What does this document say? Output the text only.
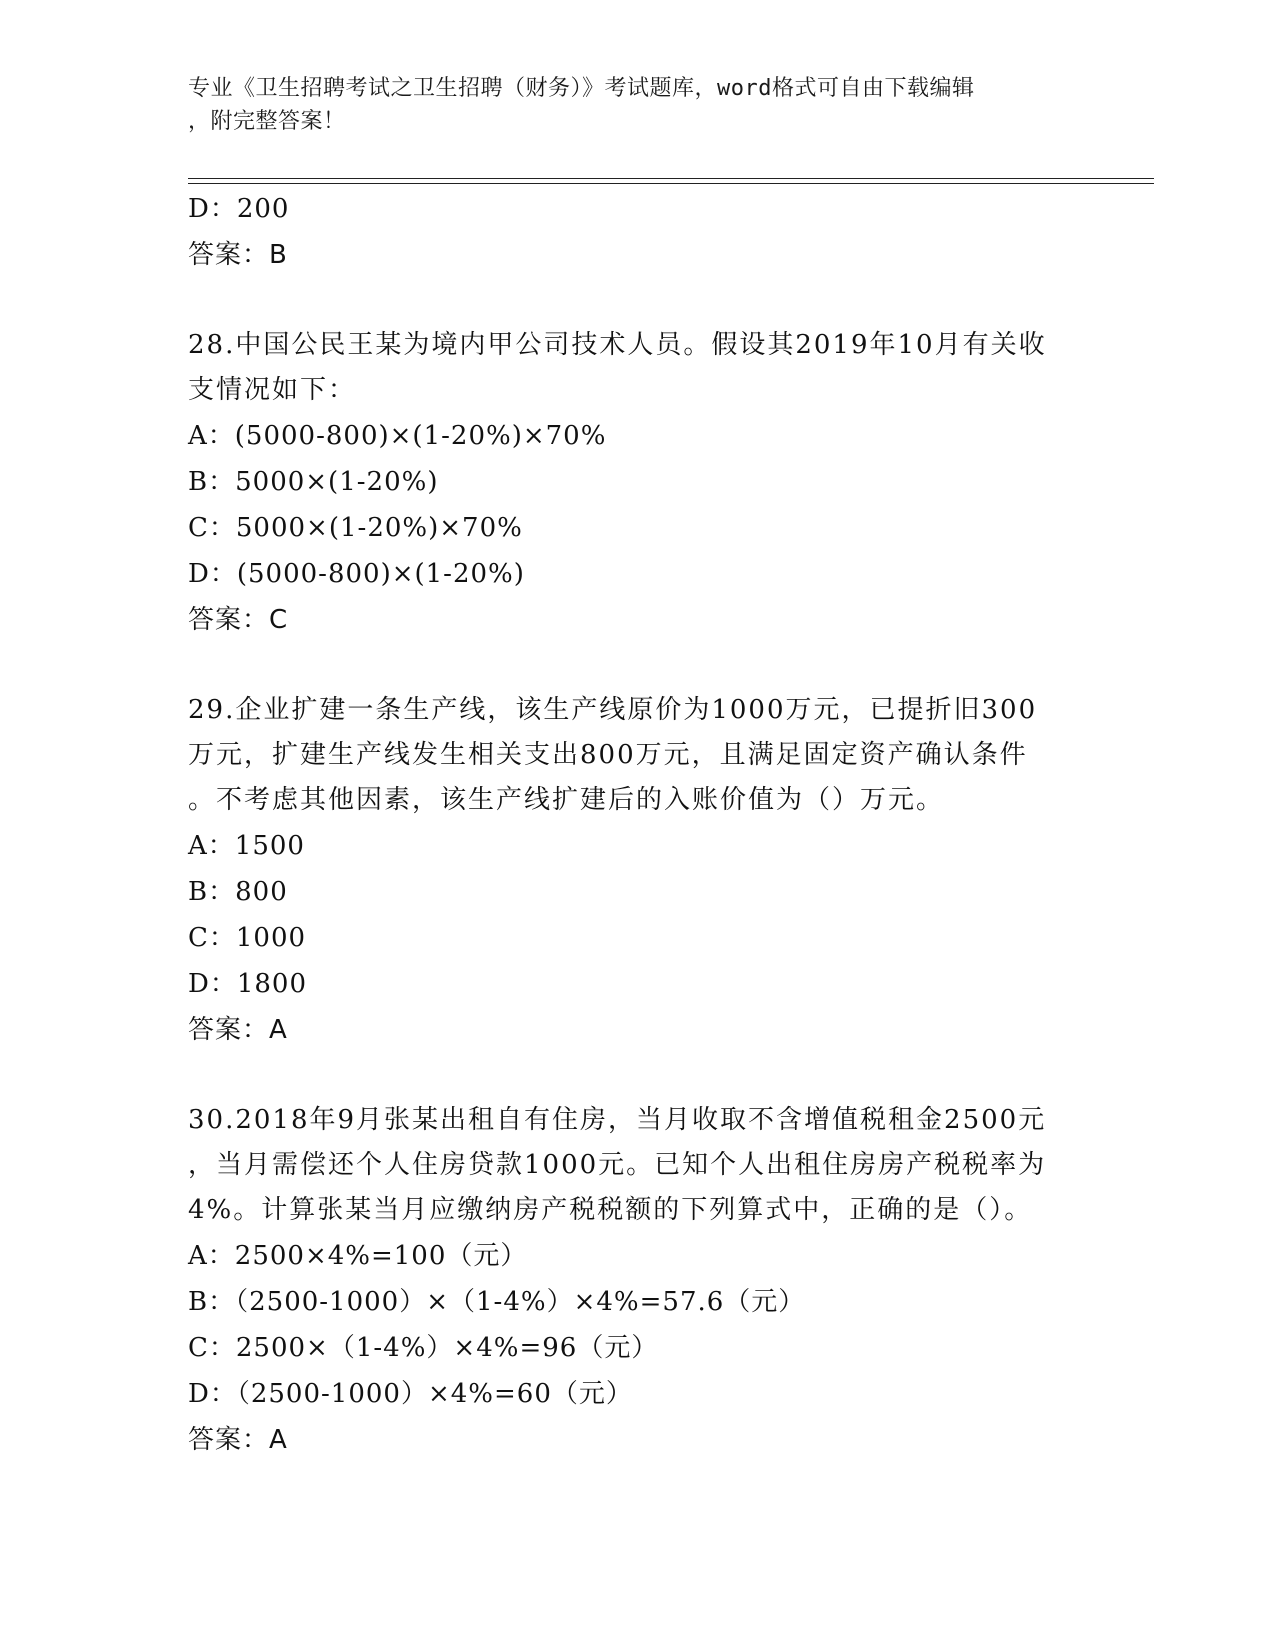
专业《卫生招聘考试之卫生招聘（财务）》考试题库，word格式可自由下载编辑
，附完整答案！
D：200
答案：B
28.中国公民王某为境内甲公司技术人员。假设其2019年10月有关收
支情况如下：
A：(5000-800)×(1-20%)×70%
B：5000×(1-20%)
C：5000×(1-20%)×70%
D：(5000-800)×(1-20%)
答案：C
29.企业扩建一条生产线，该生产线原价为1000万元，已提折旧300
万元，扩建生产线发生相关支出800万元，且满足固定资产确认条件
。不考虑其他因素，该生产线扩建后的入账价值为（）万元。
A：1500
B：800
C：1000
D：1800
答案：A
30.2018年9月张某出租自有住房，当月收取不含增值税租金2500元
，当月需偿还个人住房贷款1000元。已知个人出租住房房产税税率为
4%。计算张某当月应缴纳房产税税额的下列算式中，正确的是（）。
A：2500×4%=100（元）
B：（2500-1000）×（1-4%）×4%=57.6（元）
C：2500×（1-4%）×4%=96（元）
D：（2500-1000）×4%=60（元）
答案：A
